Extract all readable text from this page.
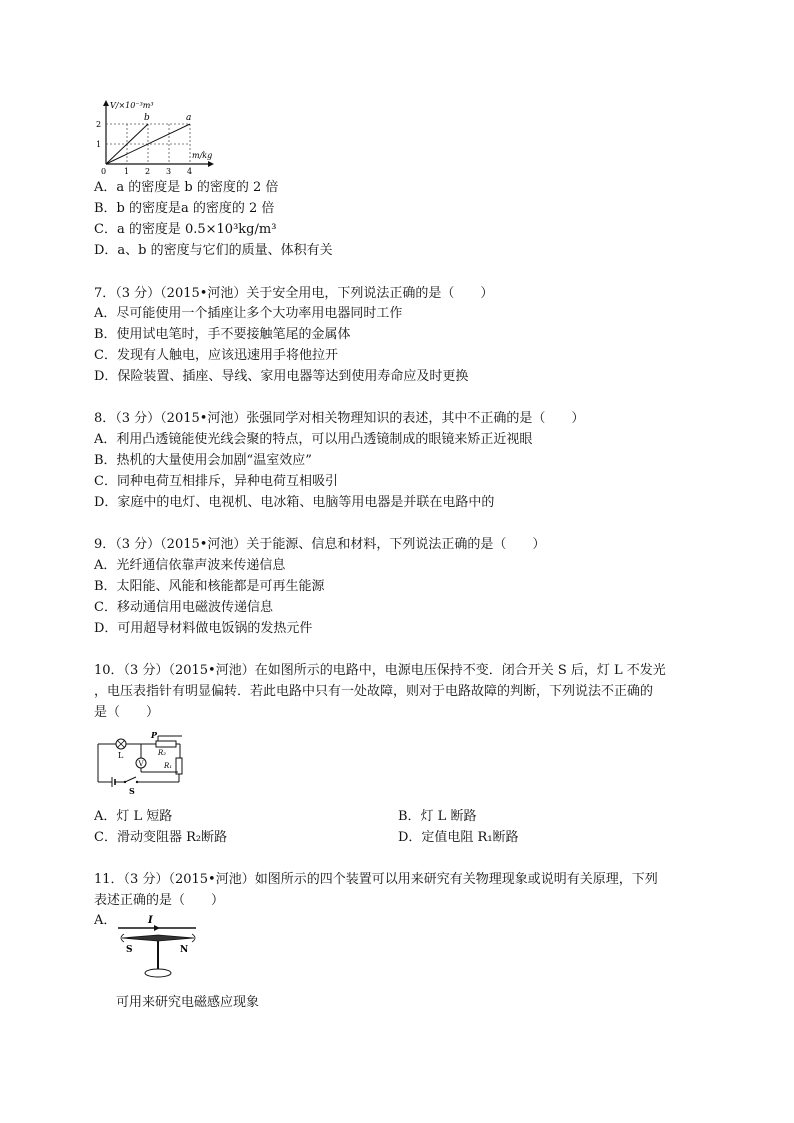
V/×10⁻³m³
m/kg
2
1
0 1 2 3 4
b	a
A．a 的密度是 b 的密度的 2 倍
B．b 的密度是a 的密度的 2 倍
C．a 的密度是 0.5×10³kg/m³
D．a、b 的密度与它们的质量、体积有关
7．（3 分）（2015•河池）关于安全用电，下列说法正确的是（　　）
A．尽可能使用一个插座让多个大功率用电器同时工作
B．使用试电笔时，手不要接触笔尾的金属体
C．发现有人触电，应该迅速用手将他拉开
D．保险装置、插座、导线、家用电器等达到使用寿命应及时更换
8．（3 分）（2015•河池）张强同学对相关物理知识的表述，其中不正确的是（　　）
A．利用凸透镜能使光线会聚的特点，可以用凸透镜制成的眼镜来矫正近视眼
B．热机的大量使用会加剧“温室效应”
C．同种电荷互相排斥，异种电荷互相吸引
D．家庭中的电灯、电视机、电冰箱、电脑等用电器是并联在电路中的
9．（3 分）（2015•河池）关于能源、信息和材料，下列说法正确的是（　　）
A．光纤通信依靠声波来传递信息
B．太阳能、风能和核能都是可再生能源
C．移动通信用电磁波传递信息
D．可用超导材料做电饭锅的发热元件
10．（3 分）（2015•河池）在如图所示的电路中，电源电压保持不变．闭合开关 S 后，灯 L 不发光
，电压表指针有明显偏转．若此电路中只有一处故障，则对于电路故障的判断，下列说法不正确的
是（　　）
L
P
R₂
R₁
V
S
A．灯 L 短路	B．灯 L 断路
C．滑动变阻器 R₂断路	D．定值电阻 R₁断路
11．（3 分）（2015•河池）如图所示的四个装置可以用来研究有关物理现象或说明有关原理，下列
表述正确的是（　　）
A．	I
S	N
可用来研究电磁感应现象
